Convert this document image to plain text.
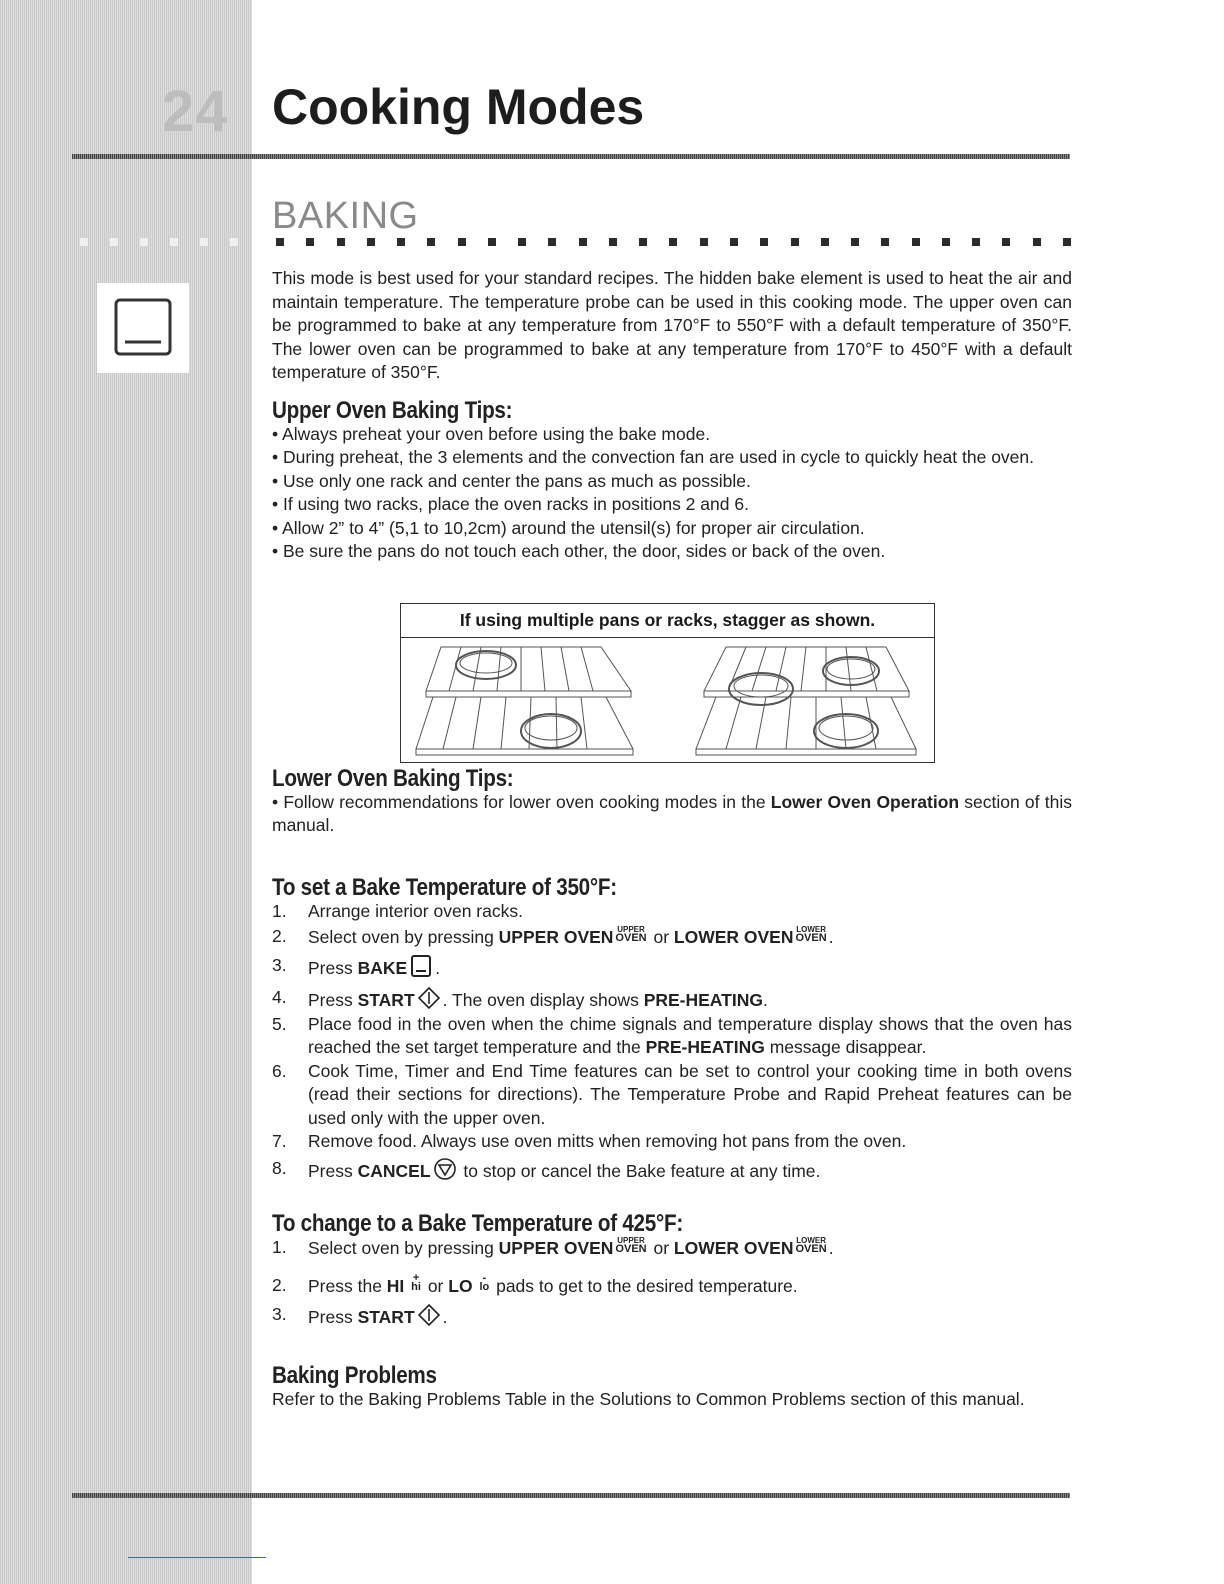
24 Cooking Modes
BAKING
This mode is best used for your standard recipes. The hidden bake element is used to heat the air and maintain temperature. The temperature probe can be used in this cooking mode. The upper oven can be programmed to bake at any temperature from 170°F to 550°F with a default temperature of 350°F. The lower oven can be programmed to bake at any temperature from 170°F to 450°F with a default temperature of 350°F.
Upper Oven Baking Tips:

• Always preheat your oven before using the bake mode.

• During preheat, the 3 elements and the convection fan are used in cycle to quickly heat the oven.

• Use only one rack and center the pans as much as possible.

• If using two racks, place the oven racks in positions 2 and 6.

• Allow 2” to 4” (5,1 to 10,2cm) around the utensil(s) for proper air circulation.

• Be sure the pans do not touch each other, the door, sides or back of the oven.

If using multiple pans or racks, stagger as shown.
Lower Oven Baking Tips:

• Follow recommendations for lower oven cooking modes in the Lower Oven Operation section of this manual.

To set a Bake Temperature of 350°F:
1. Arrange interior oven racks.
2. Select oven by pressing UPPER OVEN UPPER
OVEN or LOWER OVEN LOWER
OVEN .
3. Press BAKE .
4. Press START . The oven display shows PRE-HEATING.
5. Place food in the oven when the chime signals and temperature display shows that the oven has reached the set target temperature and the PRE-HEATING message disappear.
6. Cook Time, Timer and End Time features can be set to control your cooking time in both ovens (read their sections for directions). The Temperature Probe and Rapid Preheat features can be used only with the upper oven.
7. Remove food. Always use oven mitts when removing hot pans from the oven.
8. Press CANCEL to stop or cancel the Bake feature at any time.
To change to a Bake Temperature of 425°F:
1. Select oven by pressing UPPER OVEN UPPER
OVEN or LOWER OVEN LOWER
OVEN .
2. Press the HI +
hi or LO -
lo pads to get to the desired temperature.
3. Press START .
Baking Problems

Refer to the Baking Problems Table in the Solutions to Common Problems section of this manual.
